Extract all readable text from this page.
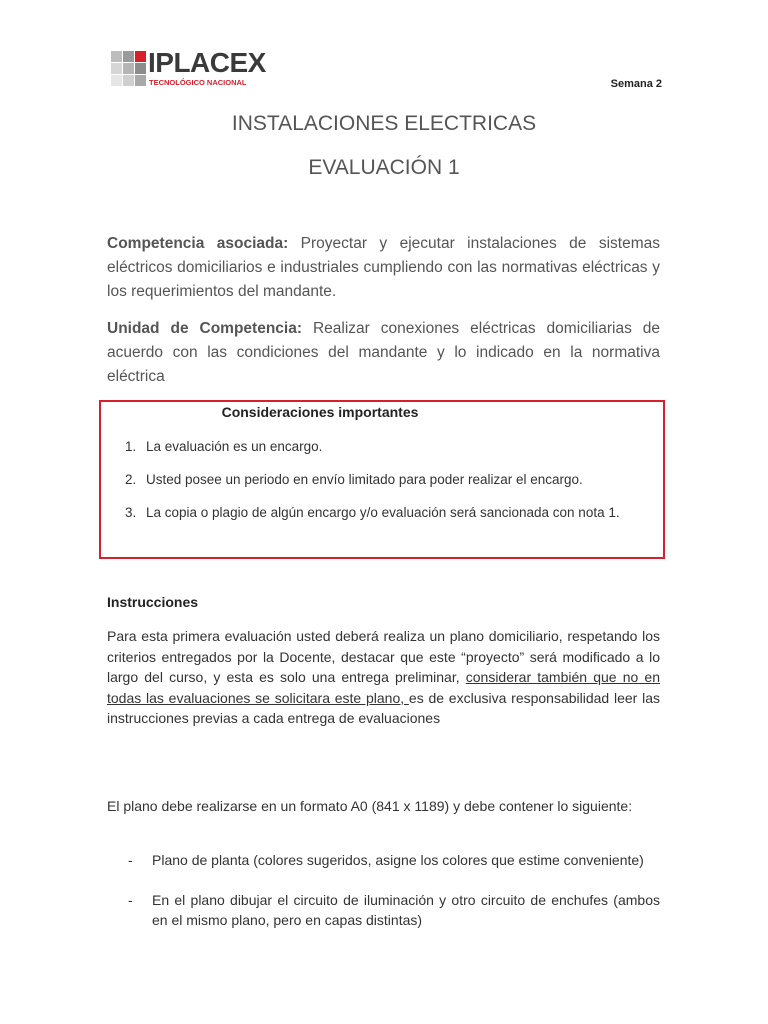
IPLACEX
TECNOLÓGICO NACIONAL	Semana 2
INSTALACIONES ELECTRICAS
EVALUACIÓN 1

Competencia asociada: Proyectar y ejecutar instalaciones de sistemas eléctricos domiciliarios e industriales cumpliendo con las normativas eléctricas y los requerimientos del mandante.

Unidad de Competencia: Realizar conexiones eléctricas domiciliarias de acuerdo con las condiciones del mandante y lo indicado en la normativa eléctrica

Consideraciones importantes
1. La evaluación es un encargo.
2. Usted posee un periodo en envío limitado para poder realizar el encargo.
3. La copia o plagio de algún encargo y/o evaluación será sancionada con nota 1.
Instrucciones

Para esta primera evaluación usted deberá realiza un plano domiciliario, respetando los criterios entregados por la Docente, destacar que este “proyecto” será modificado a lo largo del curso, y esta es solo una entrega preliminar, considerar también que no en todas las evaluaciones se solicitara este plano, es de exclusiva responsabilidad leer las instrucciones previas a cada entrega de evaluaciones

El plano debe realizarse en un formato A0 (841 x 1189) y debe contener lo siguiente:

- Plano de planta (colores sugeridos, asigne los colores que estime conveniente)
- En el plano dibujar el circuito de iluminación y otro circuito de enchufes (ambos en el mismo plano, pero en capas distintas)
